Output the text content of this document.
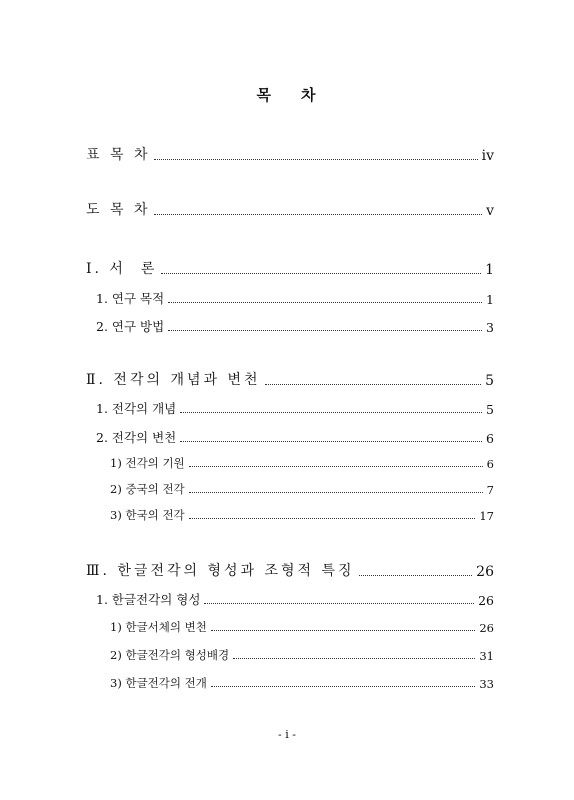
목 차
표 목 차	iv
도 목 차	v
Ⅰ. 서  론	1
1. 연구 목적	1
2. 연구 방법	3
Ⅱ. 전각의 개념과 변천	5
1. 전각의 개념	5
2. 전각의 변천	6
1) 전각의 기원	6
2) 중국의 전각	7
3) 한국의 전각	17
Ⅲ. 한글전각의 형성과 조형적 특징	26
1. 한글전각의 형성	26
1) 한글서체의 변천	26
2) 한글전각의 형성배경	31
3) 한글전각의 전개	33
- i -
